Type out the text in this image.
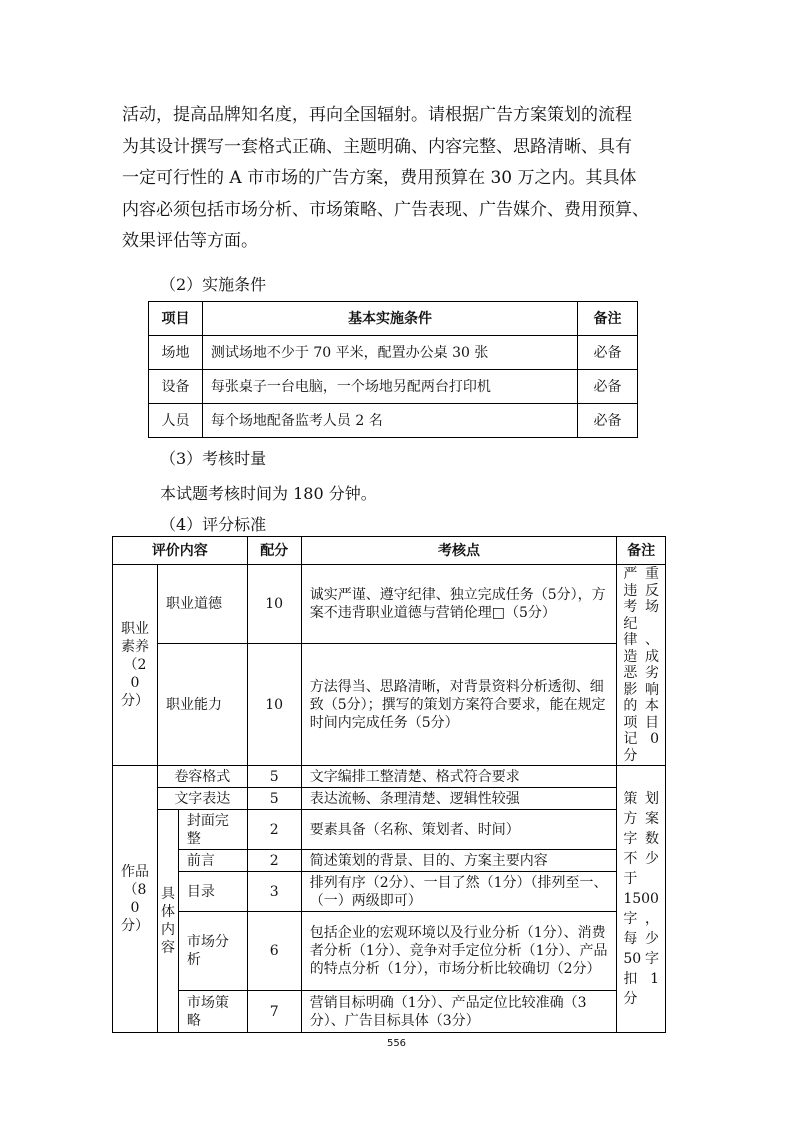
活动，提高品牌知名度，再向全国辐射。请根据广告方案策划的流程
为其设计撰写一套格式正确、主题明确、内容完整、思路清晰、具有
一定可行性的 A 市市场的广告方案，费用预算在 30 万之内。其具体
内容必须包括市场分析、市场策略、广告表现、广告媒介、费用预算、
效果评估等方面。
（2）实施条件
项目	基本实施条件	备注
场地	测试场地不少于 70 平米，配置办公桌 30 张	必备
设备	每张桌子一台电脑，一个场地另配两台打印机	必备
人员	每个场地配备监考人员 2 名	必备
（3）考核时量
本试题考核时间为 180 分钟。
（4）评分标准
评价内容			配分	考核点	备注
职业素养（20分）	职业道德		10	诚实严谨、遵守纪律、独立完成任务（5分），方案不违背职业道德与营销伦理□（5分）	严重违反考场纪律、造成恶劣影响的本项目记0分
	职业能力		10	方法得当、思路清晰，对背景资料分析透彻、细致（5分）；撰写的策划方案符合要求，能在规定时间内完成任务（5分）	
作品（80分）	卷容格式		5	文字编排工整清楚、格式符合要求	策划方案字数不少于1500字，每少50字扣1分
	文字表达		5	表达流畅、条理清楚、逻辑性较强	
	具体内容	封面完整	2	要素具备（名称、策划者、时间）	
		前言	2	简述策划的背景、目的、方案主要内容	
		目录	3	排列有序（2分）、一目了然（1分）（排列至一、（一）两级即可）	
		市场分析	6	包括企业的宏观环境以及行业分析（1分）、消费者分析（1分）、竞争对手定位分析（1分）、产品的特点分析（1分），市场分析比较确切（2分）	
		市场策略	7	营销目标明确（1分）、产品定位比较准确（3分）、广告目标具体（3分）	
556
